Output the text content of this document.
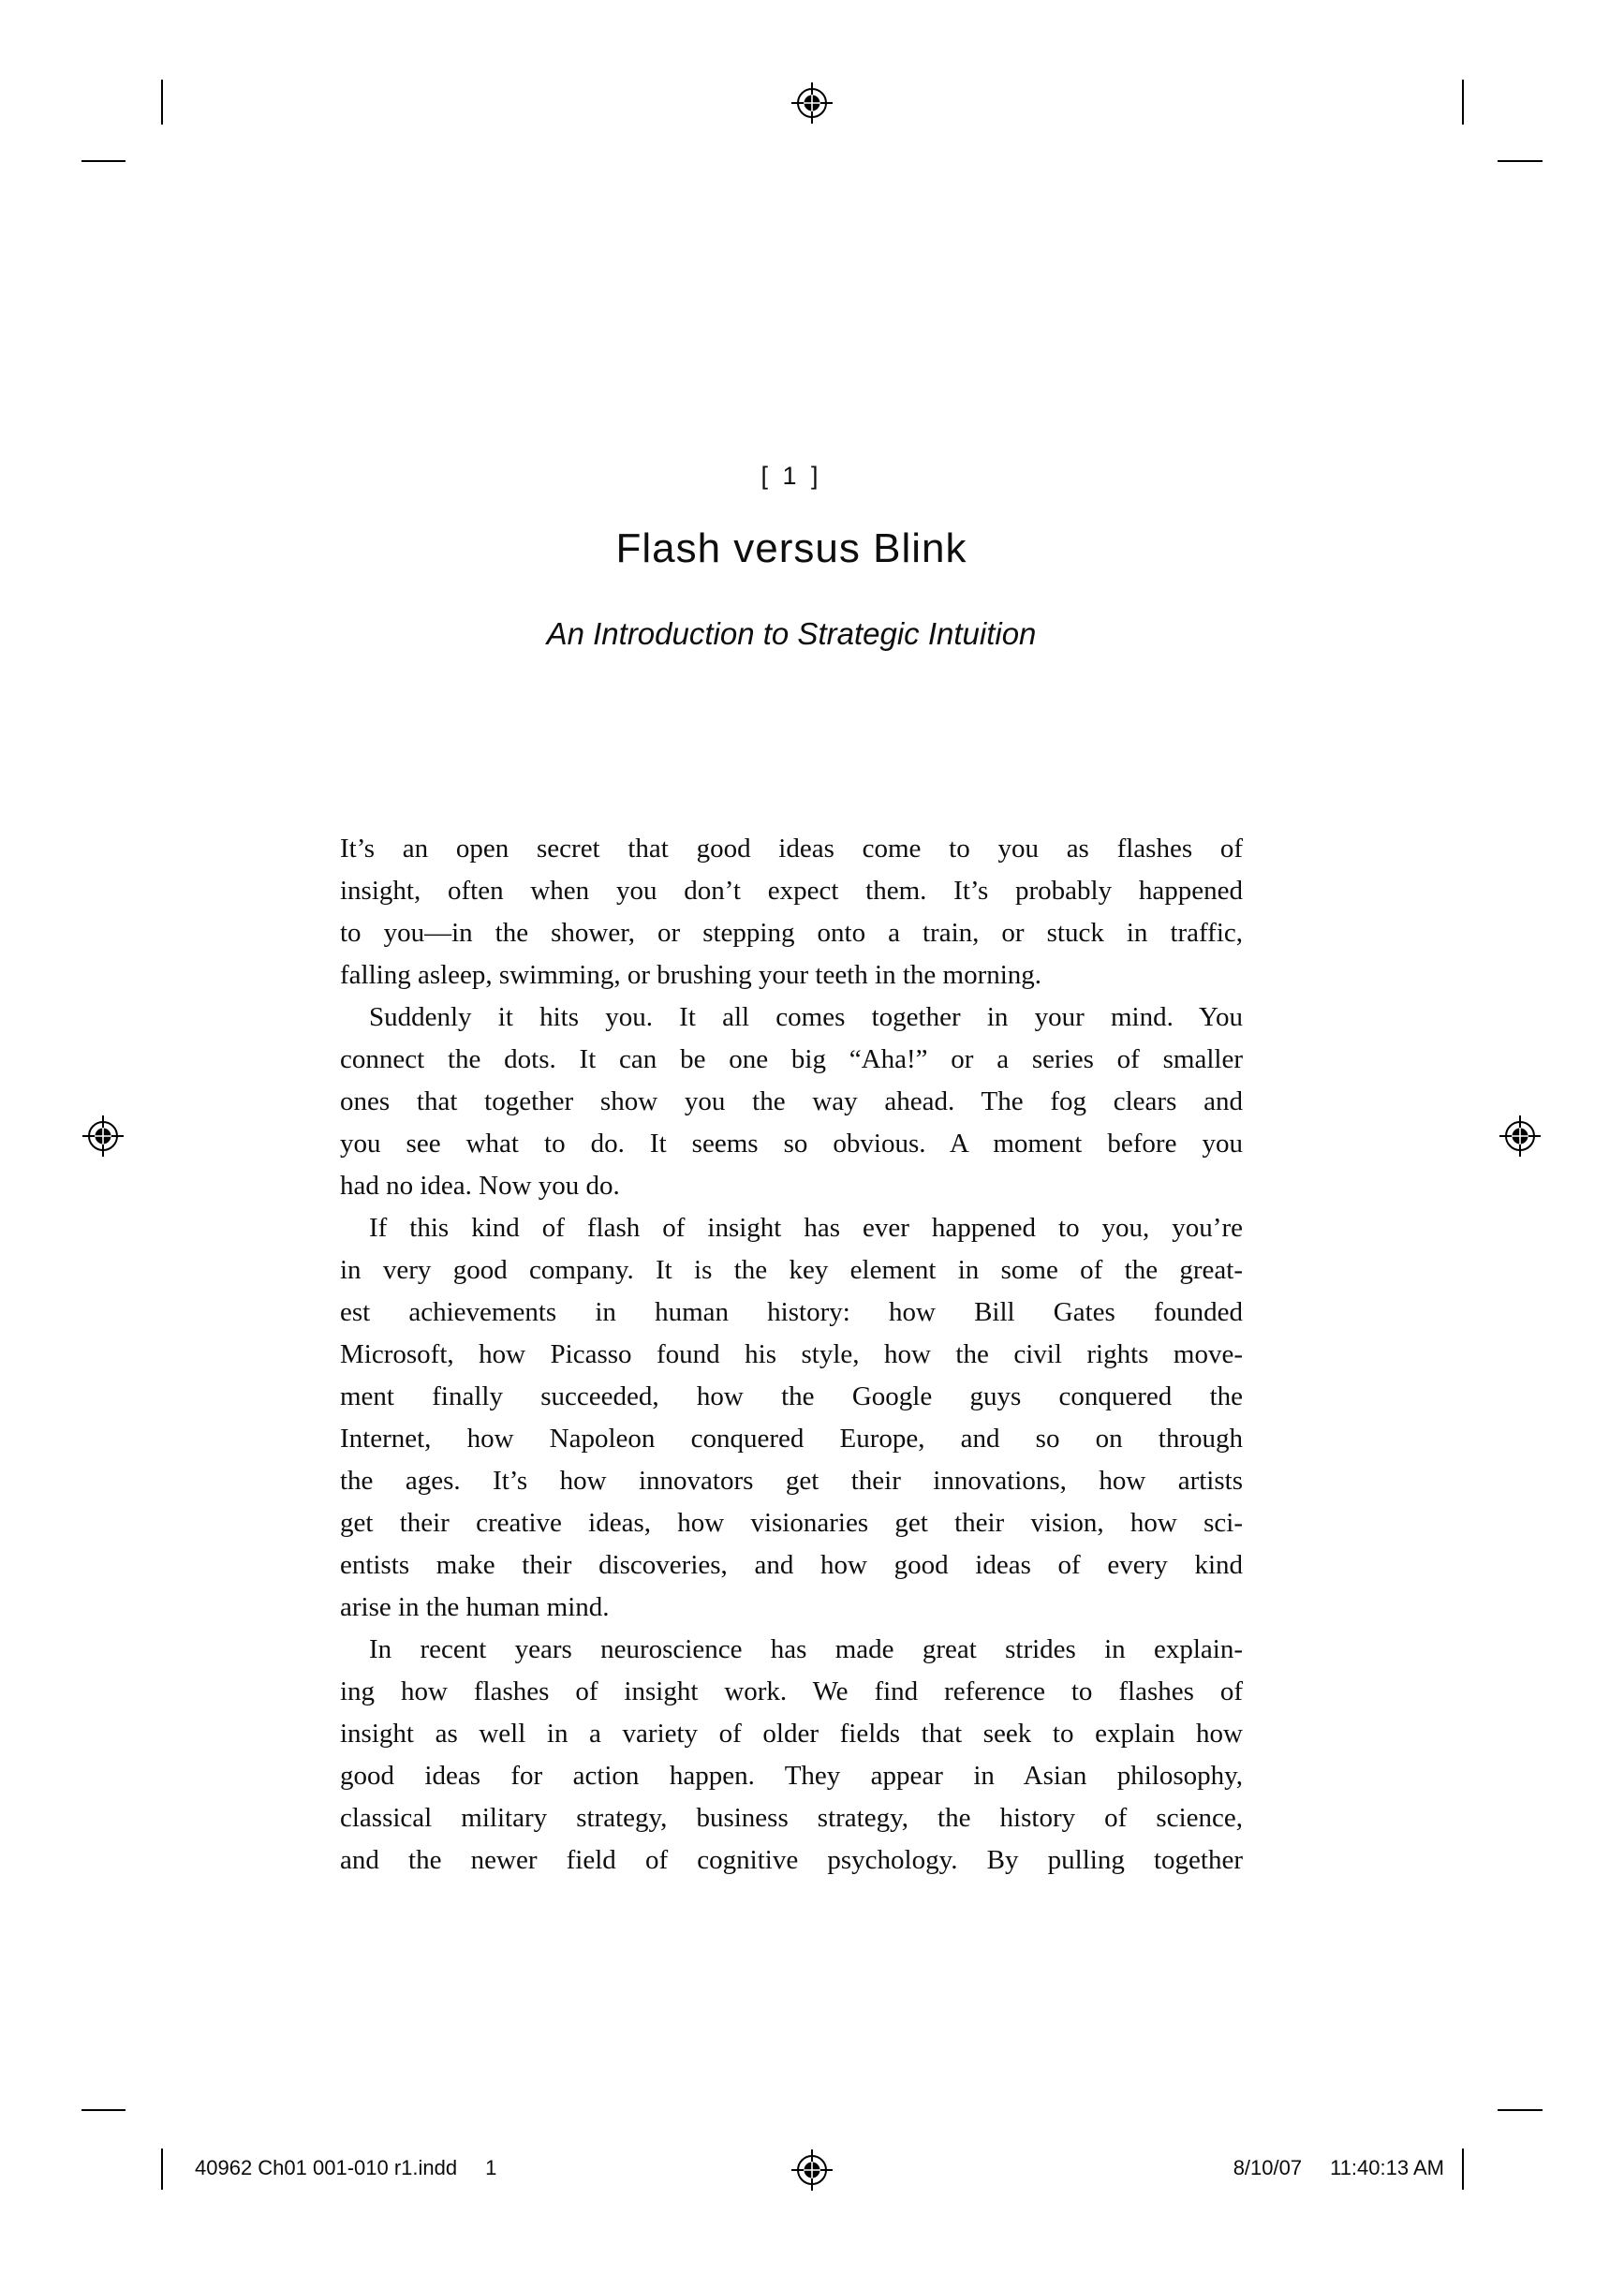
[ 1 ]
Flash versus Blink
An Introduction to Strategic Intuition
It’s an open secret that good ideas come to you as flashes of
insight, often when you don’t expect them. It’s probably happened
to you—in the shower, or stepping onto a train, or stuck in traffic,
falling asleep, swimming, or brushing your teeth in the morning.
Suddenly it hits you. It all comes together in your mind. You
connect the dots. It can be one big “Aha!” or a series of smaller
ones that together show you the way ahead. The fog clears and
you see what to do. It seems so obvious. A moment before you
had no idea. Now you do.
If this kind of flash of insight has ever happened to you, you’re
in very good company. It is the key element in some of the great-
est achievements in human history: how Bill Gates founded
Microsoft, how Picasso found his style, how the civil rights move-
ment finally succeeded, how the Google guys conquered the
Internet, how Napoleon conquered Europe, and so on through
the ages. It’s how innovators get their innovations, how artists
get their creative ideas, how visionaries get their vision, how sci-
entists make their discoveries, and how good ideas of every kind
arise in the human mind.
In recent years neuroscience has made great strides in explain-
ing how flashes of insight work. We find reference to flashes of
insight as well in a variety of older fields that seek to explain how
good ideas for action happen. They appear in Asian philosophy,
classical military strategy, business strategy, the history of science,
and the newer field of cognitive psychology. By pulling together
40962 Ch01 001-010 r1.indd 1	8/10/07 11:40:13 AM
